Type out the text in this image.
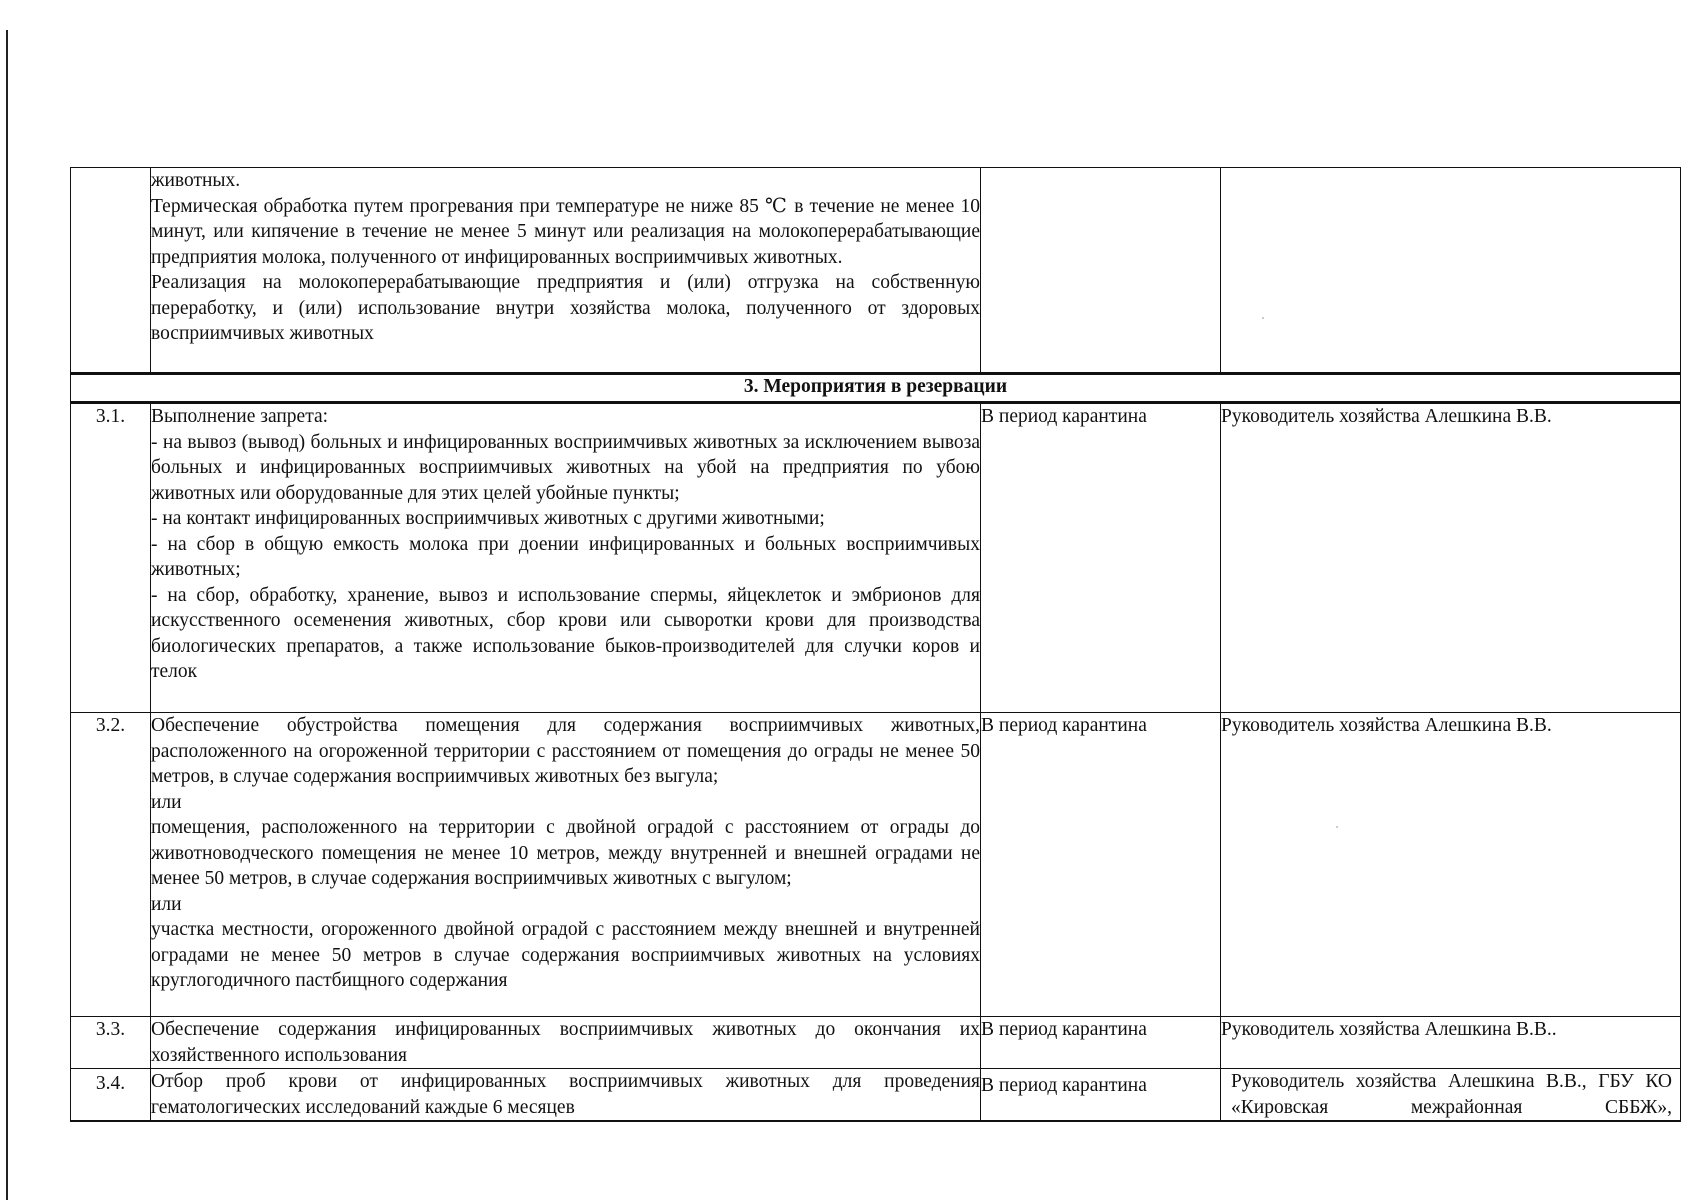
	животных.

Термическая обработка путем прогревания при температуре не ниже 85 ℃ в течение не менее 10 минут, или кипячение в течение не менее 5 минут или реализация на молокоперерабатывающие предприятия молока, полученного от инфицированных восприимчивых животных.

Реализация на молокоперерабатывающие предприятия и (или) отгрузка на собственную переработку, и (или) использование внутри хозяйства молока, полученного от здоровых восприимчивых животных		

3. Мероприятия в резервации			
3.1.	Выполнение запрета:

- на вывоз (вывод) больных и инфицированных восприимчивых животных за исключением вывоза больных и инфицированных восприимчивых животных на убой на предприятия по убою животных или оборудованные для этих целей убойные пункты;

- на контакт инфицированных восприимчивых животных с другими животными;

- на сбор в общую емкость молока при доении инфицированных и больных восприимчивых животных;

- на сбор, обработку, хранение, вывоз и использование спермы, яйцеклеток и эмбрионов для искусственного осеменения животных, сбор крови или сыворотки крови для производства биологических препаратов, а также использование быков-производителей для случки коров и телок	В период карантина	Руководитель хозяйства Алешкина В.В.
3.2.	Обеспечение обустройства помещения для содержания восприимчивых животных, расположенного на огороженной территории с расстоянием от помещения до ограды не менее 50 метров, в случае содержания восприимчивых животных без выгула;

или

помещения, расположенного на территории с двойной оградой с расстоянием от ограды до животноводческого помещения не менее 10 метров, между внутренней и внешней оградами не менее 50 метров, в случае содержания восприимчивых животных с выгулом;

или

участка местности, огороженного двойной оградой с расстоянием между внешней и внутренней оградами не менее 50 метров в случае содержания восприимчивых животных на условиях круглогодичного пастбищного содержания	В период карантина	Руководитель хозяйства Алешкина В.В.
3.3.	Обеспечение содержания инфицированных восприимчивых животных до окончания их хозяйственного использования	В период карантина	Руководитель хозяйства Алешкина В.В..
3.4.	Отбор проб крови от инфицированных восприимчивых животных для проведения гематологических исследований каждые 6 месяцев	В период карантина	Руководитель хозяйства Алешкина В.В., ГБУ КО «Кировская межрайонная СББЖ»,
